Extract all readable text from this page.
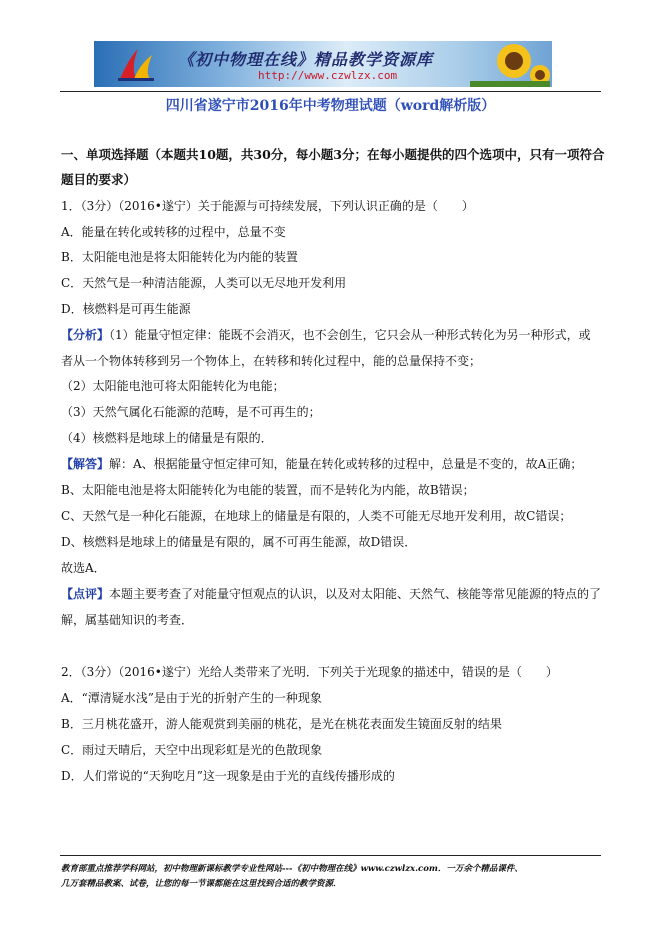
《初中物理在线》精品教学资源库
http://www.czwlzx.com
四川省遂宁市2016年中考物理试题（word解析版）
一、单项选择题（本题共10题，共30分，每小题3分；在每小题提供的四个选项中，只有一项符合
题目的要求）
1．（3分）（2016•遂宁）关于能源与可持续发展，下列认识正确的是（　　）
A．能量在转化或转移的过程中，总量不变
B．太阳能电池是将太阳能转化为内能的装置
C．天然气是一种清洁能源，人类可以无尽地开发利用
D．核燃料是可再生能源
【分析】（1）能量守恒定律：能既不会消灭，也不会创生，它只会从一种形式转化为另一种形式，或
者从一个物体转移到另一个物体上，在转移和转化过程中，能的总量保持不变；
（2）太阳能电池可将太阳能转化为电能；
（3）天然气属化石能源的范畴，是不可再生的；
（4）核燃料是地球上的储量是有限的．
【解答】解：A、根据能量守恒定律可知，能量在转化或转移的过程中，总量是不变的，故A正确；
B、太阳能电池是将太阳能转化为电能的装置，而不是转化为内能，故B错误；
C、天然气是一种化石能源，在地球上的储量是有限的，人类不可能无尽地开发利用，故C错误；
D、核燃料是地球上的储量是有限的，属不可再生能源，故D错误．
故选A．
【点评】本题主要考查了对能量守恒观点的认识，以及对太阳能、天然气、核能等常见能源的特点的了
解，属基础知识的考查．
2．（3分）（2016•遂宁）光给人类带来了光明．下列关于光现象的描述中，错误的是（　　）
A．“潭清疑水浅”是由于光的折射产生的一种现象
B．三月桃花盛开，游人能观赏到美丽的桃花，是光在桃花表面发生镜面反射的结果
C．雨过天晴后，天空中出现彩虹是光的色散现象
D．人们常说的“天狗吃月”这一现象是由于光的直线传播形成的
教育部重点推荐学科网站，初中物理新课标教学专业性网站---《初中物理在线》www.czwlzx.com．一万余个精品课件、
几万套精品教案、试卷，让您的每一节课都能在这里找到合适的教学资源．
